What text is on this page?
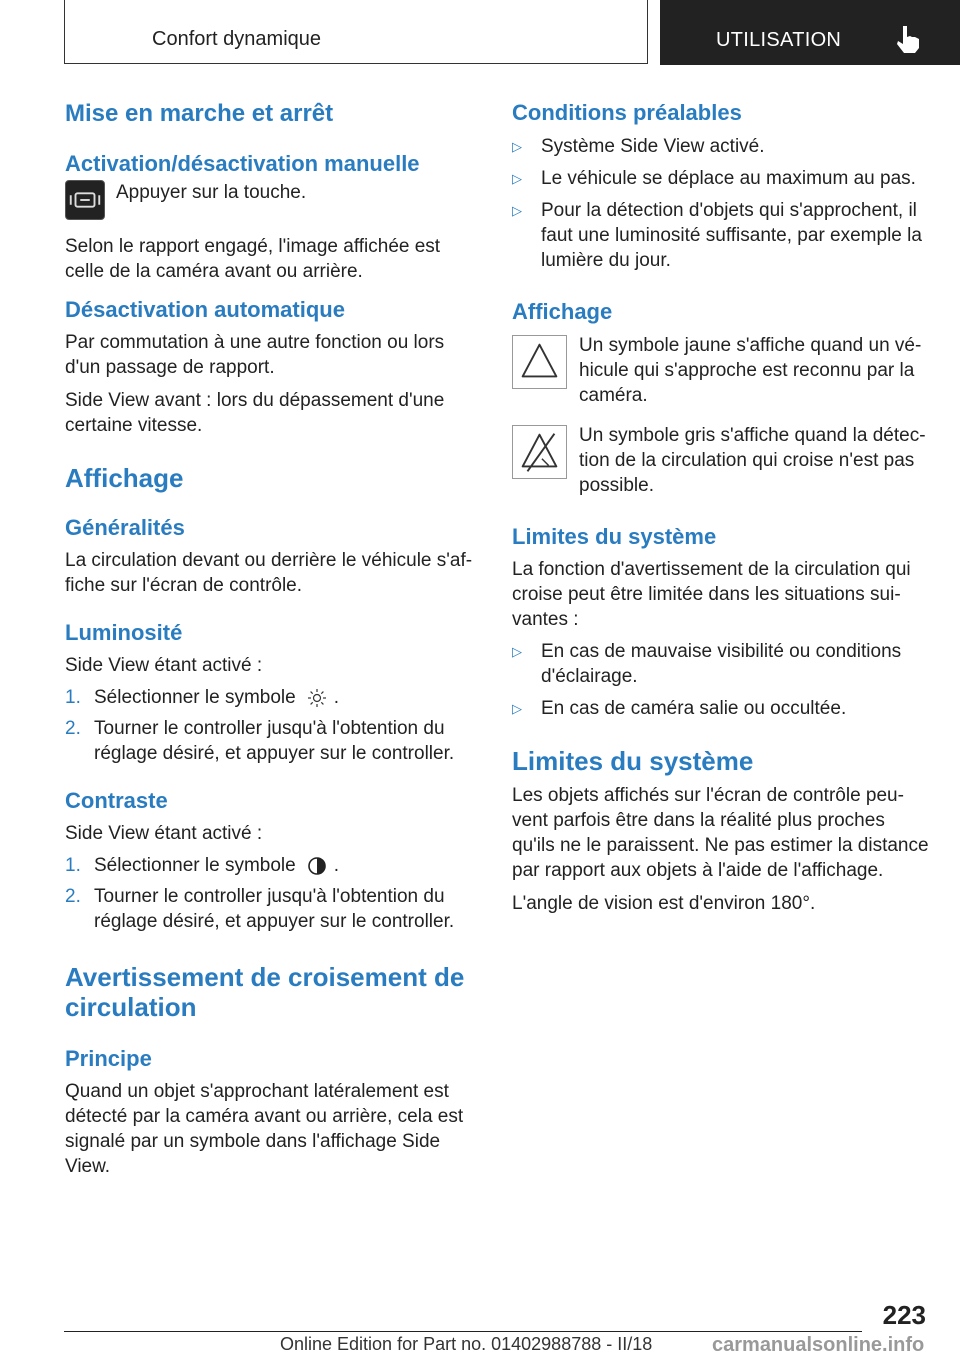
Confort dynamique	UTILISATION
Mise en marche et arrêt
Activation/désactivation manuelle

Appuyer sur la touche.

Selon le rapport engagé, l'image affichée est celle de la caméra avant ou arrière.

Désactivation automatique

Par commutation à une autre fonction ou lors d'un passage de rapport.

Side View avant : lors du dépassement d'une certaine vitesse.

Affichage
Généralités

La circulation devant ou derrière le véhicule s'affiche sur l'écran de contrôle.

Luminosité

Side View étant activé :

1. Sélectionner le symbole .
2. Tourner le controller jusqu'à l'obtention du réglage désiré, et appuyer sur le controller.
Contraste

Side View étant activé :

1. Sélectionner le symbole .
2. Tourner le controller jusqu'à l'obtention du réglage désiré, et appuyer sur le controller.
Avertissement de croisement de circulation
Principe

Quand un objet s'approchant latéralement est détecté par la caméra avant ou arrière, cela est signalé par un symbole dans l'affichage Side View.

Conditions préalables
▷ Système Side View activé.
▷ Le véhicule se déplace au maximum au pas.
▷ Pour la détection d'objets qui s'approchent, il faut une luminosité suffisante, par exemple la lumière du jour.
Affichage

Un symbole jaune s'affiche quand un véhicule qui s'approche est reconnu par la caméra.

Un symbole gris s'affiche quand la détection de la circulation qui croise n'est pas possible.

Limites du système

La fonction d'avertissement de la circulation qui croise peut être limitée dans les situations suivantes :

▷ En cas de mauvaise visibilité ou conditions d'éclairage.
▷ En cas de caméra salie ou occultée.
Limites du système

Les objets affichés sur l'écran de contrôle peuvent parfois être dans la réalité plus proches qu'ils ne le paraissent. Ne pas estimer la distance par rapport aux objets à l'aide de l'affichage.

L'angle de vision est d'environ 180°.

223
Online Edition for Part no. 01402988788 - II/18	carmanualsonline.info
